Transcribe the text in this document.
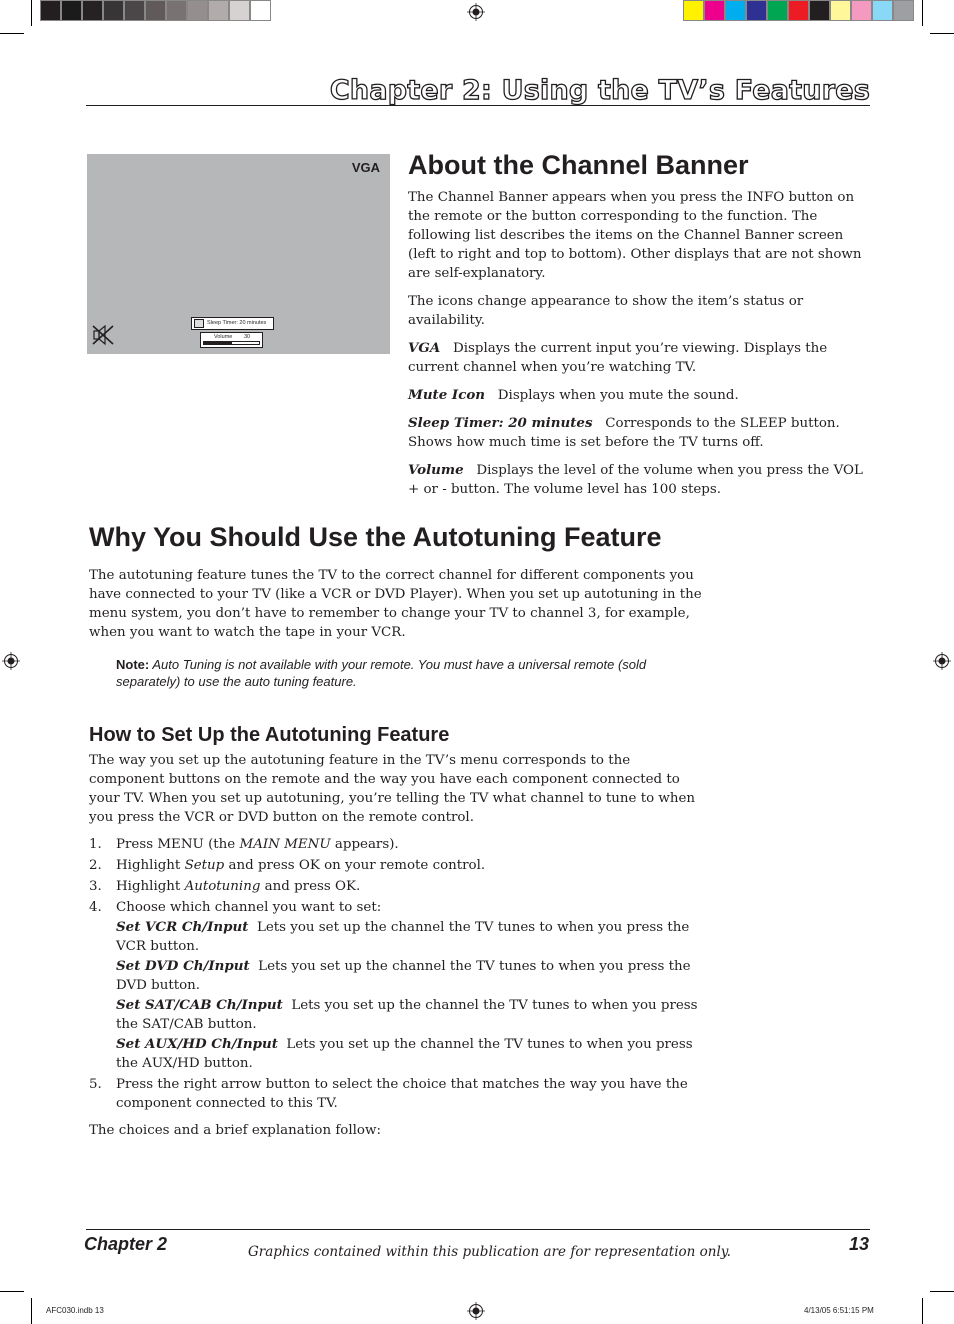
Chapter 2: Using the TV’s Features
VGA
Sleep Timer: 20 minutes
Volume 30
About the Channel Banner

The Channel Banner appears when you press the INFO button on the remote or the button corresponding to the function. The following list describes the items on the Channel Banner screen (left to right and top to bottom). Other displays that are not shown are self-explanatory.

The icons change appearance to show the item’s status or availability.

VGA Displays the current input you’re viewing. Displays the current channel when you’re watching TV.

Mute Icon Displays when you mute the sound.

Sleep Timer: 20 minutes Corresponds to the SLEEP button. Shows how much time is set before the TV turns off.

Volume Displays the level of the volume when you press the VOL + or - button. The volume level has 100 steps.

Why You Should Use the Autotuning Feature

The autotuning feature tunes the TV to the correct channel for different components you have connected to your TV (like a VCR or DVD Player). When you set up autotuning in the menu system, you don’t have to remember to change your TV to channel 3, for example, when you want to watch the tape in your VCR.

Note: Auto Tuning is not available with your remote. You must have a universal remote (sold separately) to use the auto tuning feature.

How to Set Up the Autotuning Feature

The way you set up the autotuning feature in the TV’s menu corresponds to the component buttons on the remote and the way you have each component connected to your TV. When you set up autotuning, you’re telling the TV what channel to tune to when you press the VCR or DVD button on the remote control.

1. Press MENU (the MAIN MENU appears).
2. Highlight Setup and press OK on your remote control.
3. Highlight Autotuning and press OK.
4. Choose which channel you want to set:
Set VCR Ch/Input Lets you set up the channel the TV tunes to when you press the VCR button.
Set DVD Ch/Input Lets you set up the channel the TV tunes to when you press the DVD button.
Set SAT/CAB Ch/Input Lets you set up the channel the TV tunes to when you press the SAT/CAB button.
Set AUX/HD Ch/Input Lets you set up the channel the TV tunes to when you press the AUX/HD button.
5. Press the right arrow button to select the choice that matches the way you have the component connected to this TV.

The choices and a brief explanation follow:

Chapter 2	13
Graphics contained within this publication are for representation only.
AFC030.indb 13	4/13/05 6:51:15 PM
